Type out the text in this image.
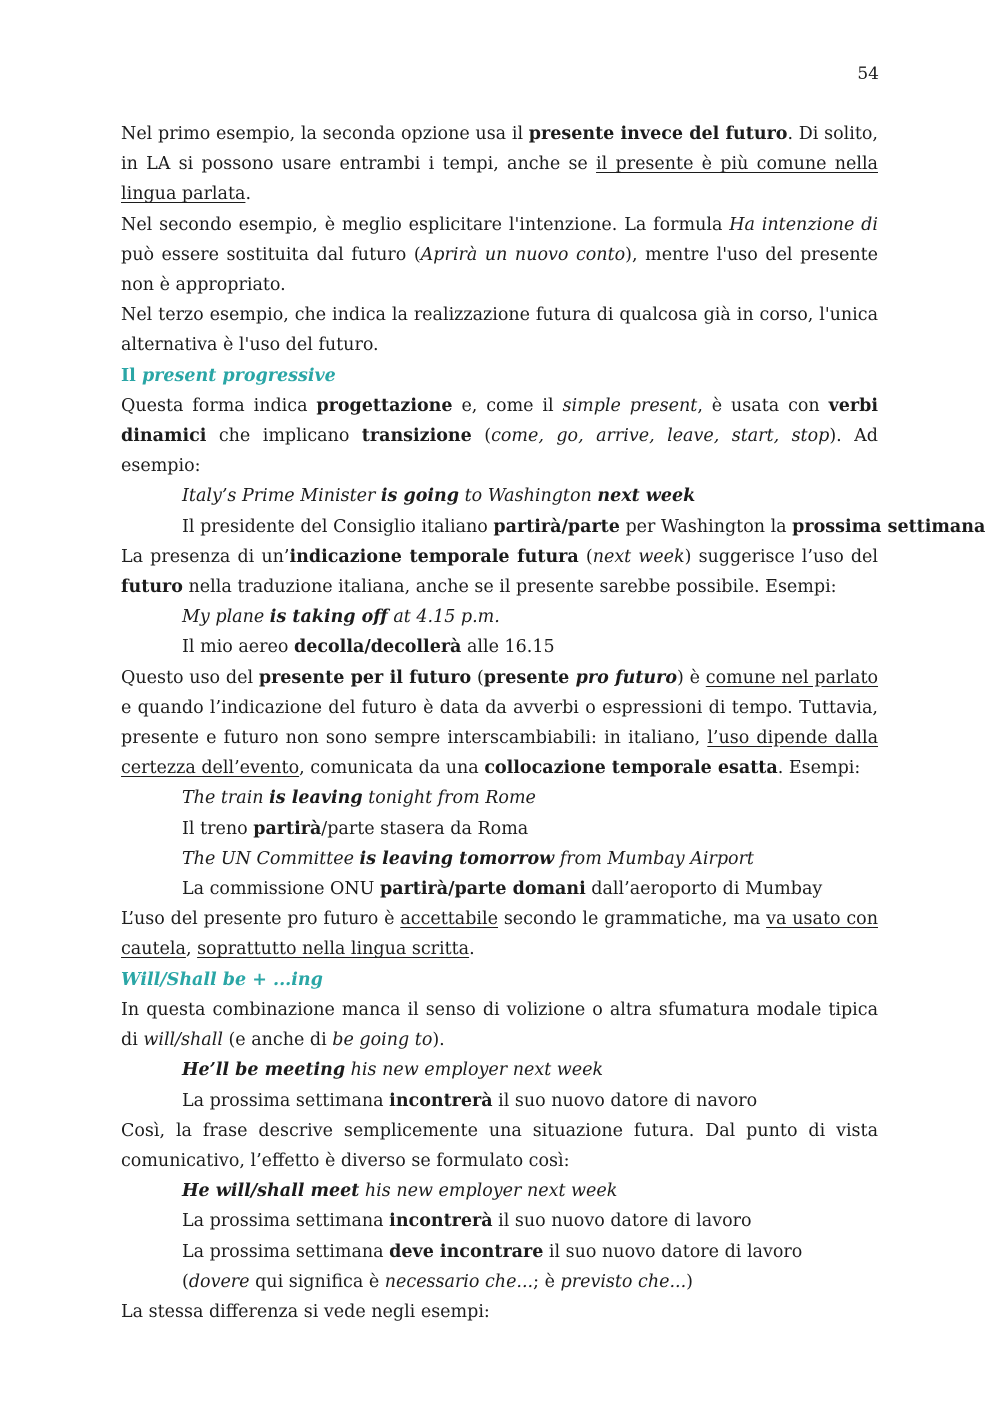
54

Nel primo esempio, la seconda opzione usa il presente invece del futuro. Di solito, in LA si possono usare entrambi i tempi, anche se il presente è più comune nella lingua parlata.

Nel secondo esempio, è meglio esplicitare l'intenzione. La formula Ha intenzione di può essere sostituita dal futuro (Aprirà un nuovo conto), mentre l'uso del presente non è appropriato.

Nel terzo esempio, che indica la realizzazione futura di qualcosa già in corso, l'unica alternativa è l'uso del futuro.

Il present progressive

Questa forma indica progettazione e, come il simple present, è usata con verbi dinamici che implicano transizione (come, go, arrive, leave, start, stop). Ad esempio:

Italy’s Prime Minister is going to Washington next week

Il presidente del Consiglio italiano partirà/parte per Washington la prossima settimana

La presenza di un’indicazione temporale futura (next week) suggerisce l’uso del futuro nella traduzione italiana, anche se il presente sarebbe possibile. Esempi:

My plane is taking off at 4.15 p.m.

Il mio aereo decolla/decollerà alle 16.15

Questo uso del presente per il futuro (presente pro futuro) è comune nel parlato e quando l’indicazione del futuro è data da avverbi o espressioni di tempo. Tuttavia, presente e futuro non sono sempre interscambiabili: in italiano, l’uso dipende dalla certezza dell’evento, comunicata da una collocazione temporale esatta. Esempi:

The train is leaving tonight from Rome

Il treno partirà/parte stasera da Roma

The UN Committee is leaving tomorrow from Mumbay Airport

La commissione ONU partirà/parte domani dall’aeroporto di Mumbay

L’uso del presente pro futuro è accettabile secondo le grammatiche, ma va usato con cautela, soprattutto nella lingua scritta.

Will/Shall be + ...ing

In questa combinazione manca il senso di volizione o altra sfumatura modale tipica di will/shall (e anche di be going to).

He’ll be meeting his new employer next week

La prossima settimana incontrerà il suo nuovo datore di navoro

Così, la frase descrive semplicemente una situazione futura. Dal punto di vista comunicativo, l’effetto è diverso se formulato così:

He will/shall meet his new employer next week

La prossima settimana incontrerà il suo nuovo datore di lavoro

La prossima settimana deve incontrare il suo nuovo datore di lavoro

(dovere qui significa è necessario che...; è previsto che...)

La stessa differenza si vede negli esempi:
